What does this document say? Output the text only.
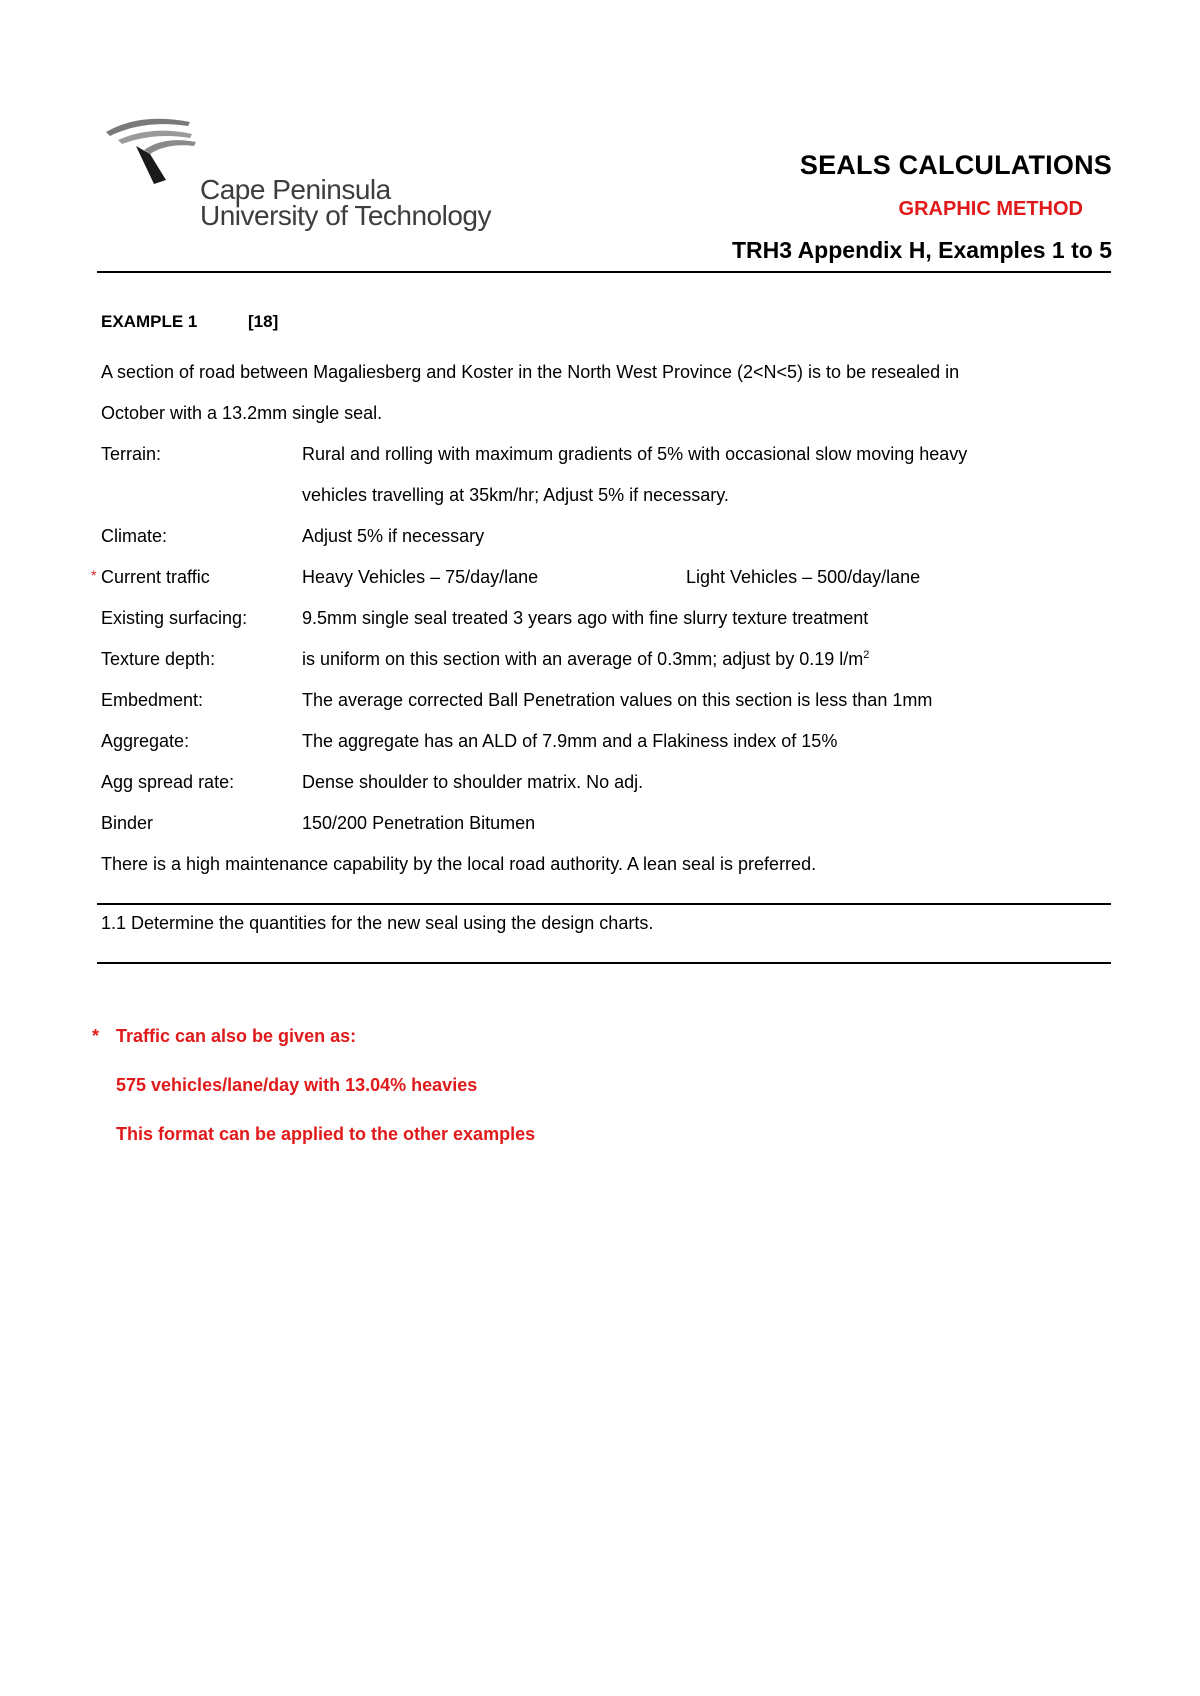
Cape Peninsula
University of Technology
SEALS CALCULATIONS
GRAPHIC METHOD
TRH3 Appendix H, Examples 1 to 5
EXAMPLE 1	[18]
A section of road between Magaliesberg and Koster in the North West Province (2<N<5) is to be resealed in
October with a 13.2mm single seal.
Terrain:	Rural and rolling with maximum gradients of 5% with occasional slow moving heavy
vehicles travelling at 35km/hr; Adjust 5% if necessary.
Climate:	Adjust 5% if necessary
* Current traffic	Heavy Vehicles – 75/day/lane	Light Vehicles – 500/day/lane
Existing surfacing:	9.5mm single seal treated 3 years ago with fine slurry texture treatment
Texture depth:	is uniform on this section with an average of 0.3mm; adjust by 0.19 $l/m^2$
Embedment:	The average corrected Ball Penetration values on this section is less than 1mm
Aggregate:	The aggregate has an ALD of 7.9mm and a Flakiness index of 15%
Agg spread rate:	Dense shoulder to shoulder matrix. No adj.
Binder	150/200 Penetration Bitumen
There is a high maintenance capability by the local road authority. A lean seal is preferred.
1.1 Determine the quantities for the new seal using the design charts.
* Traffic can also be given as:
575 vehicles/lane/day with 13.04% heavies
This format can be applied to the other examples
